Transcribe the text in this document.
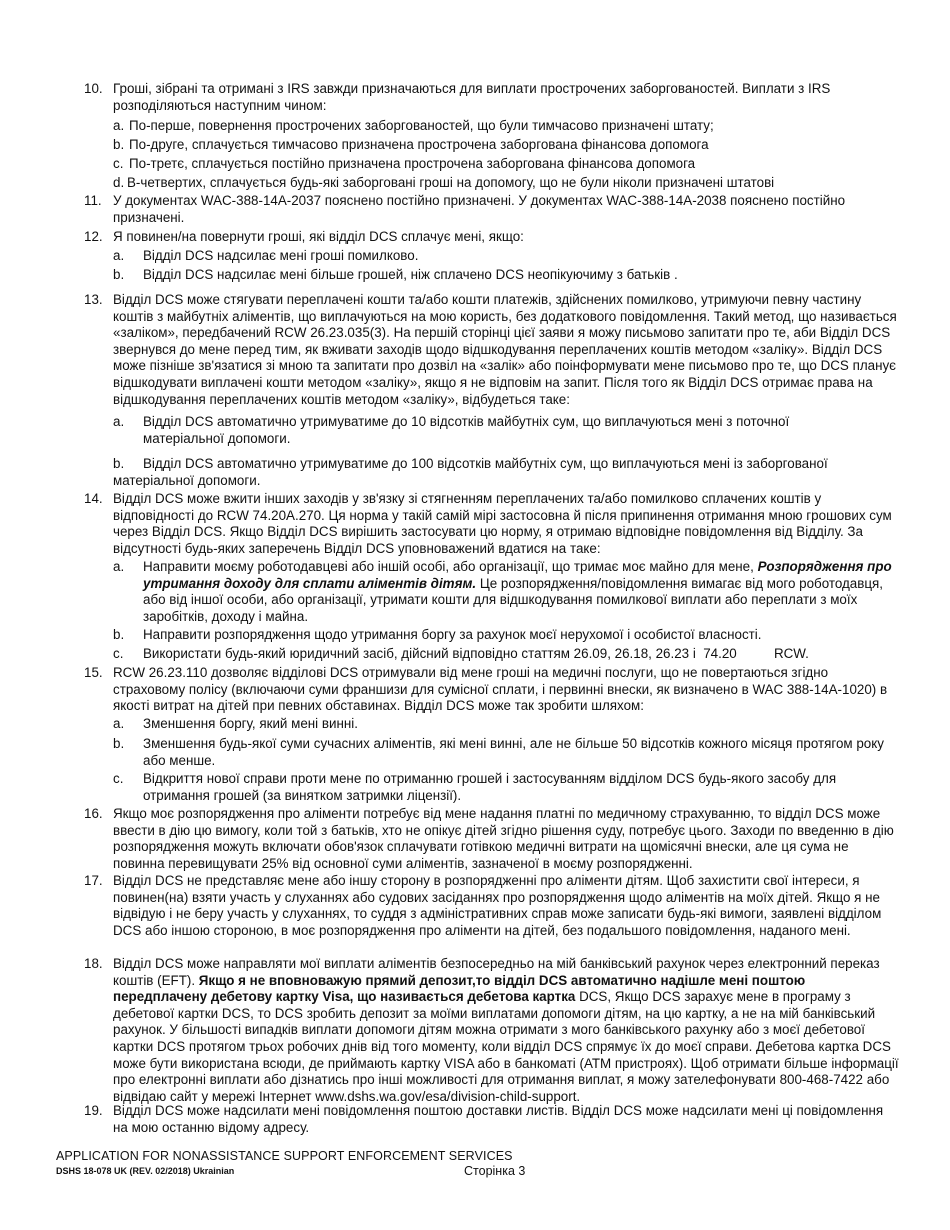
10. Гроші, зібрані та отримані з IRS завжди призначаються для виплати прострочених заборгованостей. Виплати з IRS розподіляються наступним чином:
a. По-перше, повернення прострочених заборгованостей, що були тимчасово призначені штату;
b. По-друге, сплачується тимчасово призначена прострочена заборгована фінансова допомога
c. По-третє, сплачується постійно призначена прострочена заборгована фінансова допомога
d. В-четвертих, сплачується будь-які заборговані гроші на допомогу, що не були ніколи призначені штатові
11. У документах WAC-388-14A-2037 пояснено постійно призначені. У документах WAC-388-14A-2038 пояснено постійно призначені.
12. Я повинен/на повернути гроші, які відділ DCS сплачує мені, якщо:
a. Відділ DCS надсилає мені гроші помилково.
b. Відділ DCS надсилає мені більше грошей, ніж сплачено DCS неопікуючиму з батьків .
13. Відділ DCS може стягувати переплачені кошти та/або кошти платежів, здійснених помилково, утримуючи певну частину коштів з майбутніх аліментів, що виплачуються на мою користь, без додаткового повідомлення. Такий метод, що називається «заліком», передбачений RCW 26.23.035(3). На першій сторінці цієї заяви я можу письмово запитати про те, аби Відділ DCS звернувся до мене перед тим, як вживати заходів щодо відшкодування переплачених коштів методом «заліку». Відділ DCS може пізніше зв'язатися зі мною та запитати про дозвіл на «залік» або поінформувати мене письмово про те, що DCS планує відшкодувати виплачені кошти методом «заліку», якщо я не відповім на запит. Після того як Відділ DCS отримає права на відшкодування переплачених коштів методом «заліку», відбудеться таке:
a. Відділ DCS автоматично утримуватиме до 10 відсотків майбутніх сум, що виплачуються мені з поточної матеріальної допомоги.
b.	Відділ DCS автоматично утримуватиме до 100 відсотків майбутніх сум, що виплачуються мені із заборгованої матеріальної допомоги.
14. Відділ DCS може вжити інших заходів у зв'язку зі стягненням переплачених та/або помилково сплачених коштів у відповідності до RCW 74.20A.270. Ця норма у такій самій мірі застосовна й після припинення отримання мною грошових сум через Відділ DCS. Якщо Відділ DCS вирішить застосувати цю норму, я отримаю відповідне повідомлення від Відділу. За відсутності будь-яких заперечень Відділ DCS уповноважений вдатися на таке:
a. Направити моєму роботодавцеві або іншій особі, або організації, що тримає моє майно для мене, Розпорядження про утримання доходу для сплати аліментів дітям. Це розпорядження/повідомлення вимагає від мого роботодавця, або від іншої особи, або організації, утримати кошти для відшкодування помилкової виплати або переплати з моїх заробітків, доходу і майна.
b. Направити розпорядження щодо утримання боргу за рахунок моєї нерухомої і особистої власності.
c. Використати будь-який юридичний засіб, дійсний відповідно статтям 26.09, 26.18, 26.23 і  74.20          RCW.
15. RCW 26.23.110 дозволяє відділові DCS отримували від мене гроші на медичні послуги, що не повертаються згідно страховому полісу (включаючи суми франшизи для сумісної сплати, і первинні внески, як визначено в WAC 388-14A-1020) в якості витрат на дітей при певних обставинах. Відділ DCS може так зробити шляхом:
a. Зменшення боргу, який мені винні.
b. Зменшення будь-якої суми сучасних аліментів, які мені винні, але не більше 50 відсотків кожного місяця протягом року або менше.
c. Відкриття нової справи проти мене по отриманню грошей і застосуванням відділом DCS будь-якого засобу для отримання грошей (за винятком затримки ліцензії).
16. Якщо моє розпорядження про аліменти потребує від мене надання платні по медичному страхуванню, то відділ DCS може ввести в дію цю вимогу, коли той з батьків, хто не опікує дітей згідно рішення суду, потребує цього. Заходи по введенню в дію розпорядження можуть включати обов'язок сплачувати готівкою медичні витрати на щомісячні внески, але ця сума не повинна перевищувати 25% від основної суми аліментів, зазначеної в моєму розпорядженні.
17. Відділ DCS не представляє мене або іншу сторону в розпорядженні про аліменти дітям. Щоб захистити свої інтереси, я повинен(на) взяти участь у слуханнях або судових засіданнях про розпорядження щодо аліментів на моїх дітей. Якщо я не відвідую і не беру участь у слуханнях, то суддя з адміністративних справ може записати будь-які вимоги, заявлені відділом DCS або іншою стороною, в моє розпорядження про аліменти на дітей, без подальшого повідомлення, наданого мені.
18. Відділ DCS може направляти мої виплати аліментів безпосередньо на мій банківський рахунок через електронний переказ коштів (EFT). Якщо я не вповноважую прямий депозит,то відділ DCS автоматично надішле мені поштою передплачену дебетову картку Visa, що називається дебетова картка DCS, Якщо DCS зарахує мене в програму з дебетової картки DCS, то DCS зробить депозит за моїми виплатами допомоги дітям, на цю картку, а не на мій банківський рахунок. У більшості випадків виплати допомоги дітям можна отримати з мого банківського рахунку або з моєї дебетової картки DCS протягом трьох робочих днів від того моменту, коли відділ DCS спрямує їх до моєї справи. Дебетова картка DCS може бути використана всюди, де приймають картку VISA або в банкоматі (ATM пристроях). Щоб отримати більше інформації про електронні виплати або дізнатись про інші можливості для отримання виплат, я можу зателефонувати 800-468-7422 або відвідаю сайт у мережі Інтернет www.dshs.wa.gov/esa/division-child-support.
19. Відділ DCS може надсилати мені повідомлення поштою доставки листів. Відділ DCS може надсилати мені ці повідомлення на мою останню відому адресу.
APPLICATION FOR NONASSISTANCE SUPPORT ENFORCEMENT SERVICES
DSHS 18-078 UK (REV. 02/2018) Ukrainian	Сторінка 3
